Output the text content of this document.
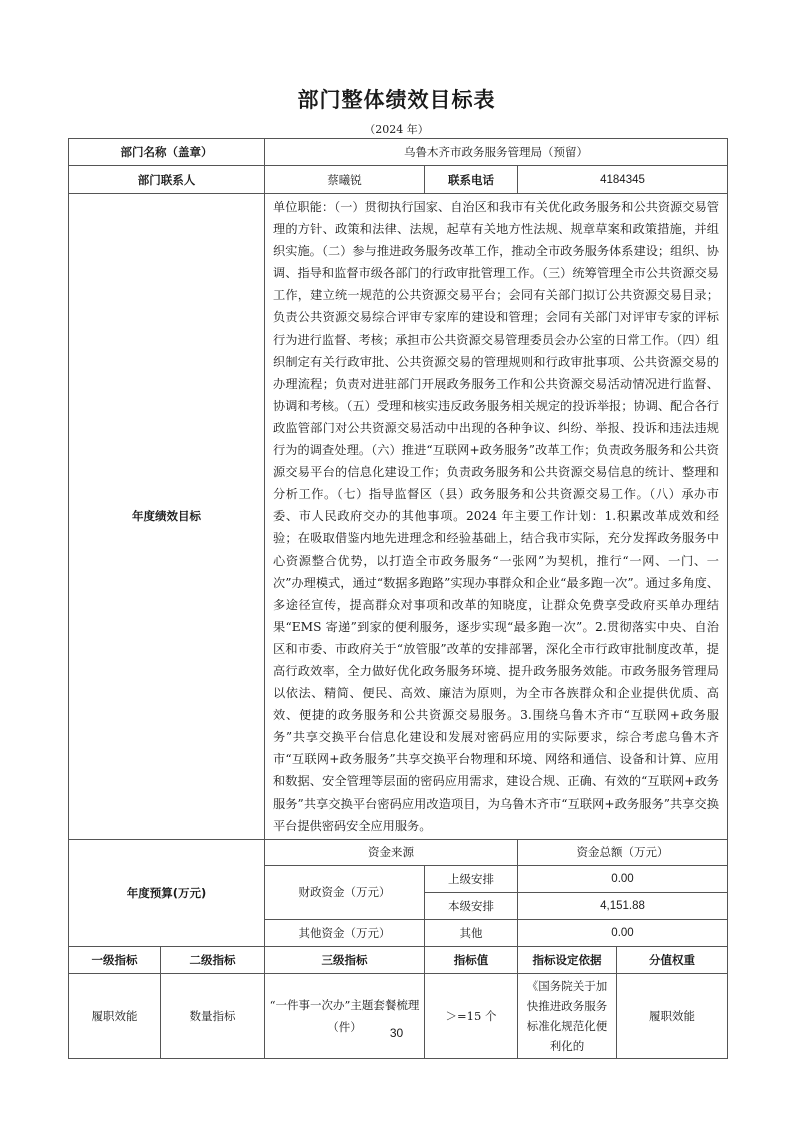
部门整体绩效目标表
（2024 年）
部门名称（盖章）		乌鲁木齐市政务服务管理局（预留）			
部门联系人		蔡曦锐	联系电话	4184345	
年度绩效目标		单位职能：（一）贯彻执行国家、自治区和我市有关优化政务服务和公共资源交易管理的方针、政策和法律、法规，起草有关地方性法规、规章草案和政策措施，并组织实施。（二）参与推进政务服务改革工作，推动全市政务服务体系建设；组织、协调、指导和监督市级各部门的行政审批管理工作。（三）统筹管理全市公共资源交易工作，建立统一规范的公共资源交易平台；会同有关部门拟订公共资源交易目录；负责公共资源交易综合评审专家库的建设和管理；会同有关部门对评审专家的评标行为进行监督、考核；承担市公共资源交易管理委员会办公室的日常工作。（四）组织制定有关行政审批、公共资源交易的管理规则和行政审批事项、公共资源交易的办理流程；负责对进驻部门开展政务服务工作和公共资源交易活动情况进行监督、协调和考核。（五）受理和核实违反政务服务相关规定的投诉举报；协调、配合各行政监管部门对公共资源交易活动中出现的各种争议、纠纷、举报、投诉和违法违规行为的调查处理。（六）推进“互联网+政务服务”改革工作；负责政务服务和公共资源交易平台的信息化建设工作；负责政务服务和公共资源交易信息的统计、整理和分析工作。（七）指导监督区（县）政务服务和公共资源交易工作。（八）承办市委、市人民政府交办的其他事项。2024 年主要工作计划：1.积累改革成效和经验；在吸取借鉴内地先进理念和经验基础上，结合我市实际，充分发挥政务服务中心资源整合优势，以打造全市政务服务“一张网”为契机，推行“一网、一门、一次”办理模式，通过“数据多跑路”实现办事群众和企业“最多跑一次”。通过多角度、多途径宣传，提高群众对事项和改革的知晓度，让群众免费享受政府买单办理结果“EMS 寄递”到家的便利服务，逐步实现“最多跑一次”。2.贯彻落实中央、自治区和市委、市政府关于“放管服”改革的安排部署，深化全市行政审批制度改革，提高行政效率，全力做好优化政务服务环境、提升政务服务效能。市政务服务管理局以依法、精简、便民、高效、廉洁为原则，为全市各族群众和企业提供优质、高效、便捷的政务服务和公共资源交易服务。3.围绕乌鲁木齐市“互联网+政务服务”共享交换平台信息化建设和发展对密码应用的实际要求，综合考虑乌鲁木齐市“互联网+政务服务”共享交换平台物理和环境、网络和通信、设备和计算、应用和数据、安全管理等层面的密码应用需求，建设合规、正确、有效的“互联网+政务服务”共享交换平台密码应用改造项目，为乌鲁木齐市“互联网+政务服务”共享交换平台提供密码安全应用服务。			

年度预算(万元)		资金来源		资金总额（万元）	
		财政资金（万元）	上级安排	0.00	
			本级安排	4,151.88	
		其他资金（万元）	其他	0.00	
一级指标	二级指标	三级指标	指标值	指标设定依据	分值权重
履职效能	数量指标	“一件事一次办”主题套餐梳理（件）	＞=15 个	《国务院关于加快推进政务服务标准化规范化便利化的	履职效能
30
